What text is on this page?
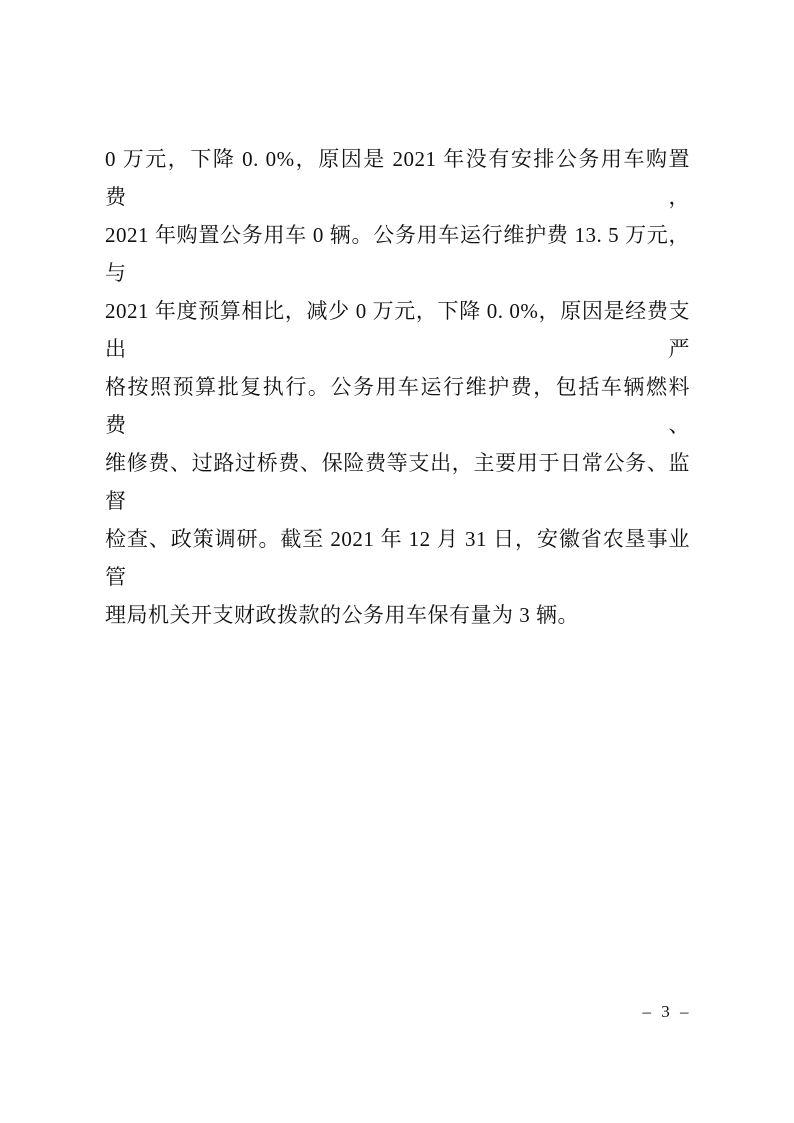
0 万元，下降 0. 0%，原因是 2021 年没有安排公务用车购置费，
2021 年购置公务用车 0 辆。公务用车运行维护费 13. 5 万元，与
2021 年度预算相比，减少 0 万元，下降 0. 0%，原因是经费支出严
格按照预算批复执行。公务用车运行维护费，包括车辆燃料费、
维修费、过路过桥费、保险费等支出，主要用于日常公务、监督
检查、政策调研。截至 2021 年 12 月 31 日，安徽省农垦事业管
理局机关开支财政拨款的公务用车保有量为 3 辆。
– 3 –
